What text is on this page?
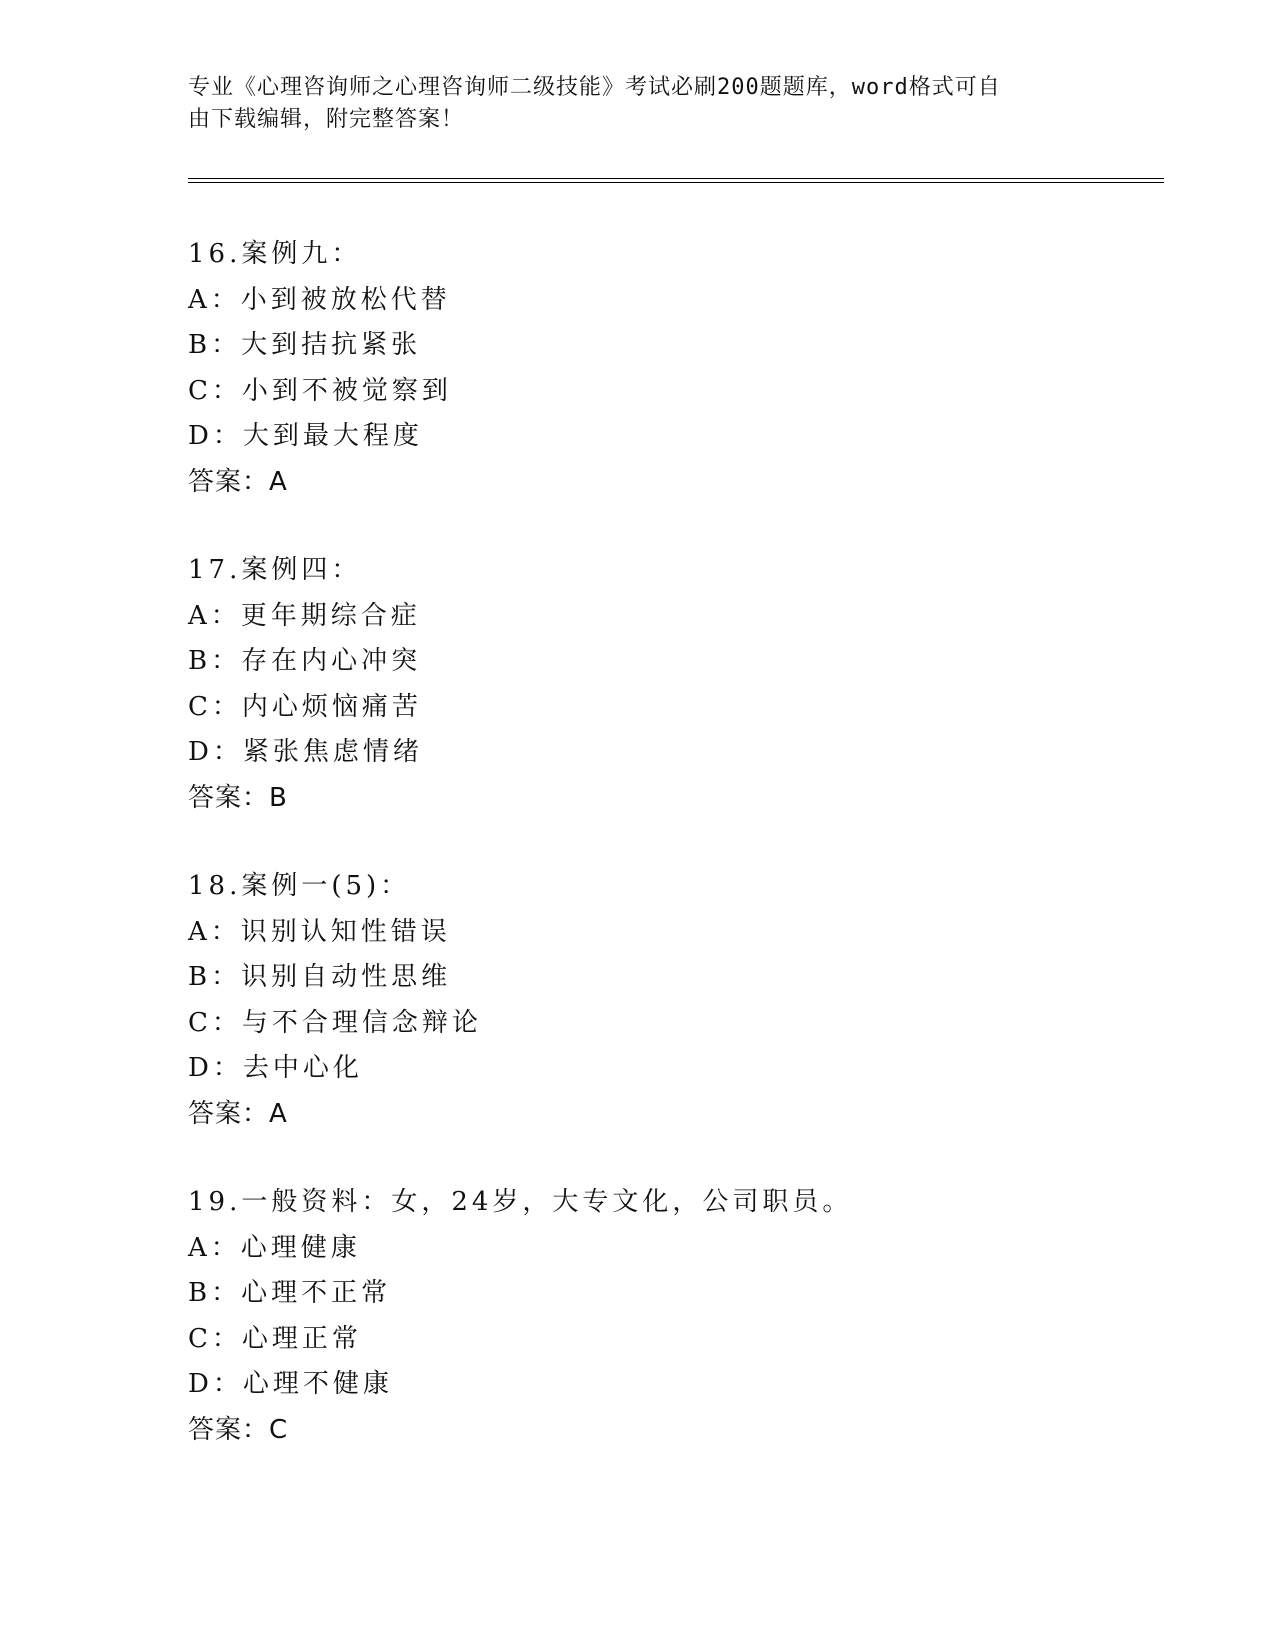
专业《心理咨询师之心理咨询师二级技能》考试必刷200题题库，word格式可自
由下载编辑，附完整答案！
16.案例九：
A：小到被放松代替
B：大到拮抗紧张
C：小到不被觉察到
D：大到最大程度
答案：A
17.案例四：
A：更年期综合症
B：存在内心冲突
C：内心烦恼痛苦
D：紧张焦虑情绪
答案：B
18.案例一(5)：
A：识别认知性错误
B：识别自动性思维
C：与不合理信念辩论
D：去中心化
答案：A
19.一般资料：女，24岁，大专文化，公司职员。
A：心理健康
B：心理不正常
C：心理正常
D：心理不健康
答案：C
